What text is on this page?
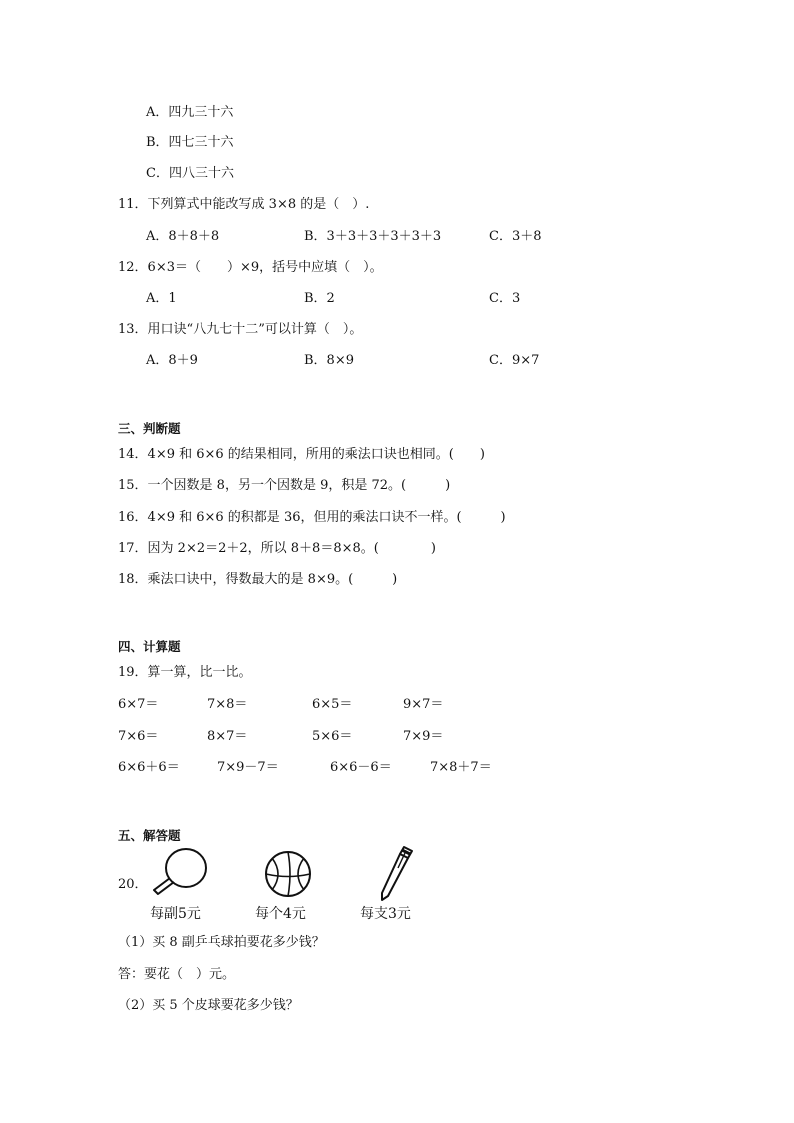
A．四九三十六
B．四七三十六
C．四八三十六
11．下列算式中能改写成 3×8 的是（　）.
A．8＋8＋8	B．3＋3＋3＋3＋3＋3	C．3＋8
12．6×3＝（　　）×9，括号中应填（　）。
A．1	B．2	C．3
13．用口诀“八九七十二”可以计算（　）。
A．8＋9	B．8×9	C．9×7
三、判断题
14．4×9 和 6×6 的结果相同，所用的乘法口诀也相同。(　　)
15．一个因数是 8，另一个因数是 9，积是 72。(　　　)
16．4×9 和 6×6 的积都是 36，但用的乘法口诀不一样。(　　　)
17．因为 2×2＝2＋2，所以 8＋8＝8×8。(　　　　)
18．乘法口诀中，得数最大的是 8×9。(　　　)
四、计算题
19．算一算，比一比。
6×7＝	7×8＝	6×5＝	9×7＝
7×6＝	8×7＝	5×6＝	7×9＝
6×6＋6＝	7×9－7＝	6×6－6＝	7×8＋7＝
五、解答题
20．
每副5元	每个4元	每支3元
（1）买 8 副乒乓球拍要花多少钱？
答：要花（　）元。
（2）买 5 个皮球要花多少钱？
